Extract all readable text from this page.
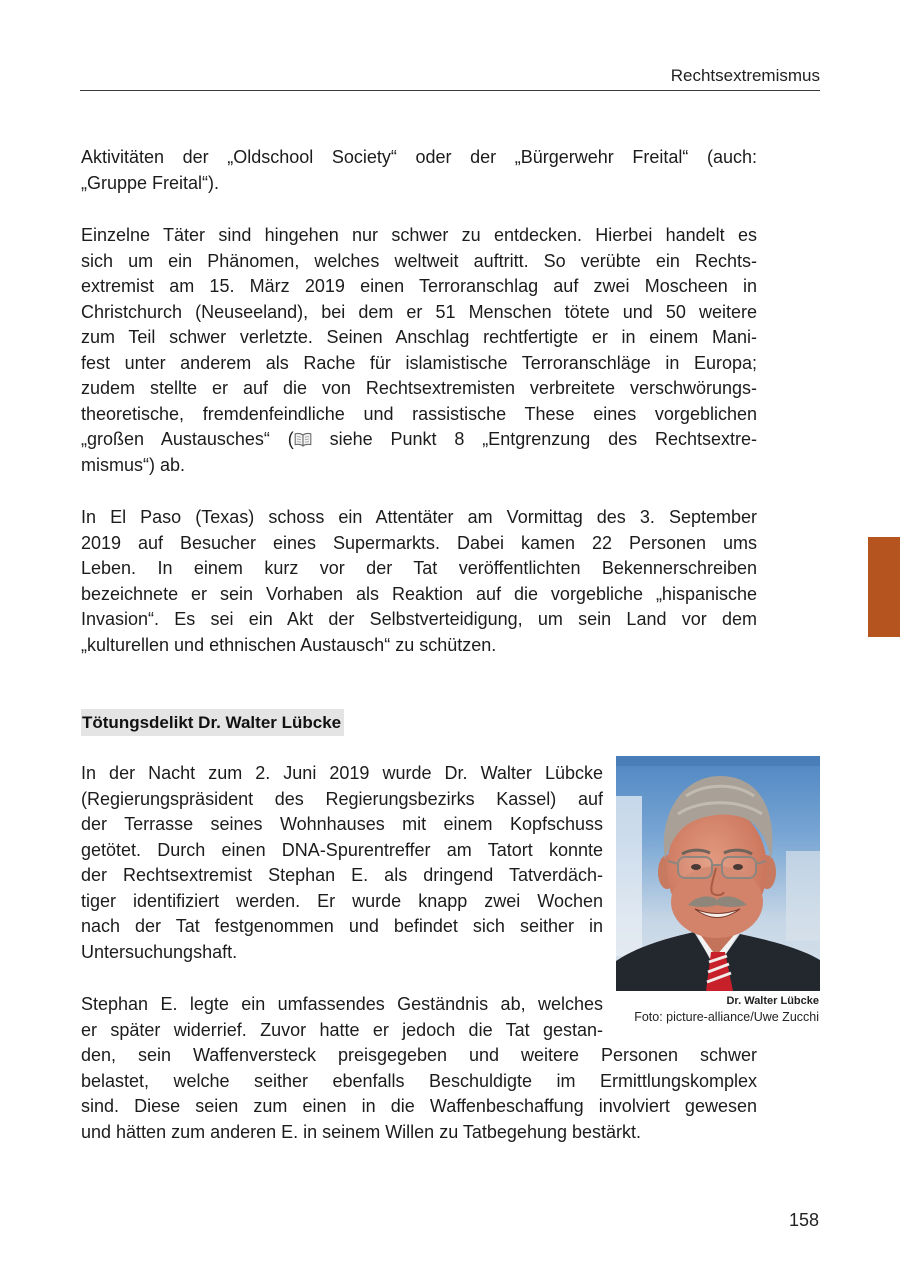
Rechtsextremismus
Aktivitäten der „Oldschool Society“ oder der „Bürgerwehr Freital“ (auch:
„Gruppe Freital“).
Einzelne Täter sind hingehen nur schwer zu entdecken. Hierbei handelt es
sich um ein Phänomen, welches weltweit auftritt. So verübte ein Rechts-
extremist am 15. März 2019 einen Terroranschlag auf zwei Moscheen in
Christchurch (Neuseeland), bei dem er 51 Menschen tötete und 50 weitere
zum Teil schwer verletzte. Seinen Anschlag rechtfertigte er in einem Mani-
fest unter anderem als Rache für islamistische Terroranschläge in Europa;
zudem stellte er auf die von Rechtsextremisten verbreitete verschwörungs-
theoretische, fremdenfeindliche und rassistische These eines vorgeblichen
„großen Austausches“ ( siehe Punkt 8 „Entgrenzung des Rechtsextre-
mismus“) ab.
In El Paso (Texas) schoss ein Attentäter am Vormittag des 3. September
2019 auf Besucher eines Supermarkts. Dabei kamen 22 Personen ums
Leben. In einem kurz vor der Tat veröffentlichten Bekennerschreiben
bezeichnete er sein Vorhaben als Reaktion auf die vorgebliche „hispanische
Invasion“. Es sei ein Akt der Selbstverteidigung, um sein Land vor dem
„kulturellen und ethnischen Austausch“ zu schützen.
Tötungsdelikt Dr. Walter Lübcke
In der Nacht zum 2. Juni 2019 wurde Dr. Walter Lübcke
(Regierungspräsident des Regierungsbezirks Kassel) auf
der Terrasse seines Wohnhauses mit einem Kopfschuss
getötet. Durch einen DNA-Spurentreffer am Tatort konnte
der Rechtsextremist Stephan E. als dringend Tatverdäch-
tiger identifiziert werden. Er wurde knapp zwei Wochen
nach der Tat festgenommen und befindet sich seither in
Untersuchungshaft.
Stephan E. legte ein umfassendes Geständnis ab, welches
er später widerrief. Zuvor hatte er jedoch die Tat gestan-
den, sein Waffenversteck preisgegeben und weitere Personen schwer
belastet, welche seither ebenfalls Beschuldigte im Ermittlungskomplex
sind. Diese seien zum einen in die Waffenbeschaffung involviert gewesen
und hätten zum anderen E. in seinem Willen zu Tatbegehung bestärkt.
Dr. Walter Lübcke
Foto: picture-alliance/Uwe Zucchi
158
